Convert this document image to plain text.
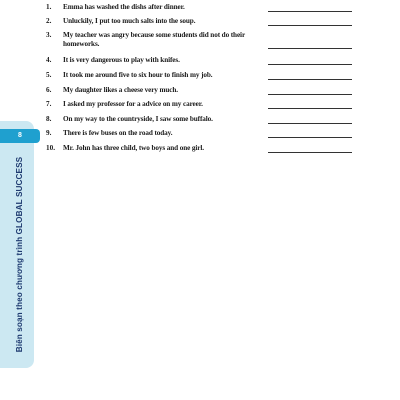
8
Biên soạn theo chương trình GLOBAL SUCCESS
1.	Emma has washed the dishs after dinner.
2.	Unluckily, I put too much salts into the soup.
3.	My teacher was angry because some students did not do their homeworks.
4.	It is very dangerous to play with knifes.
5.	It took me around five to six hour to finish my job.
6.	My daughter likes a cheese very much.
7.	I asked my professor for a advice on my career.
8.	On my way to the countryside, I saw some buffalo.
9.	There is few buses on the road today.
10.	Mr. John has three child, two boys and one girl.
